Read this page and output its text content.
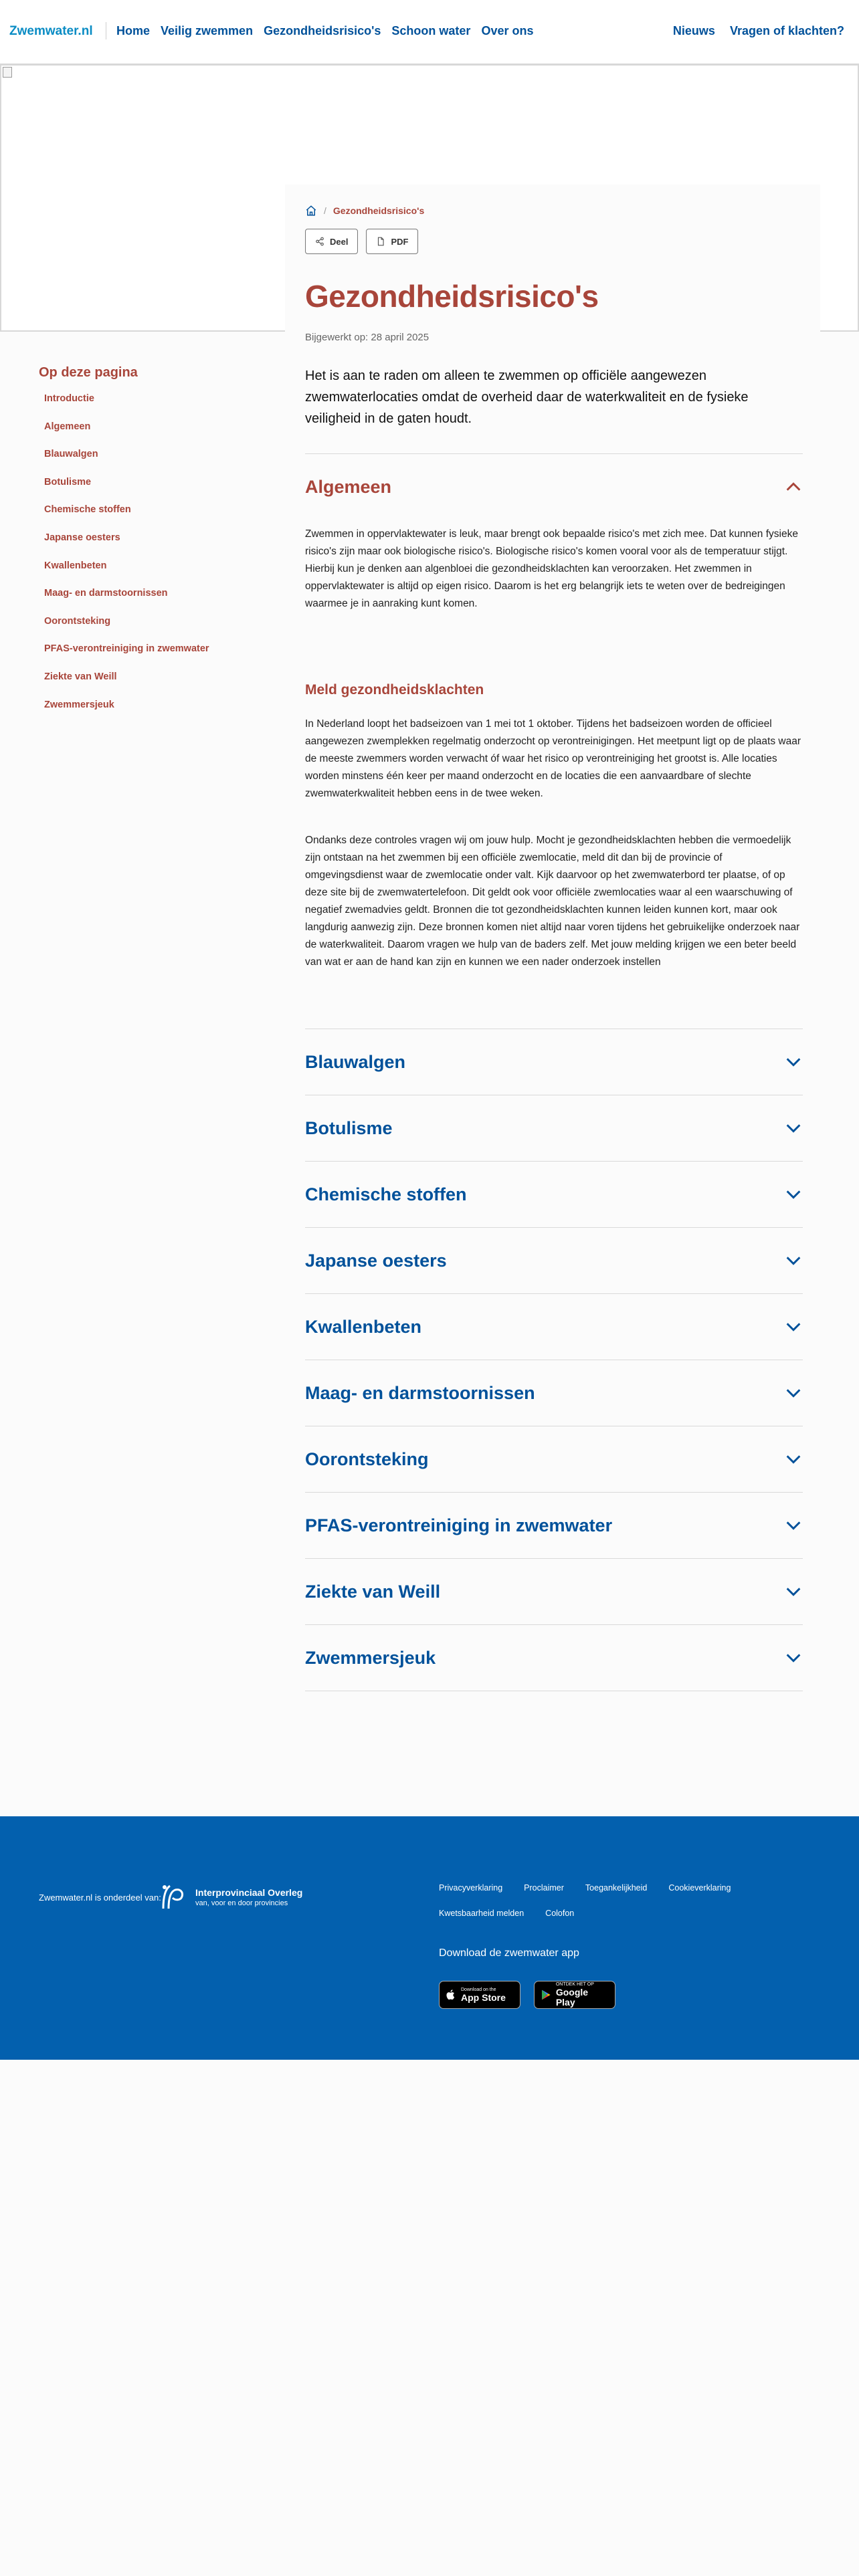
Zwemwater.nl Home Veilig zwemmen Gezondheidsrisico's Schoon water Over ons	Nieuws Vragen of klachten?
Op deze pagina
Introductie
Algemeen
Blauwalgen
Botulisme
Chemische stoffen
Japanse oesters
Kwallenbeten
Maag- en darmstoornissen
Oorontsteking
PFAS-verontreiniging in zwemwater
Ziekte van Weill
Zwemmersjeuk
/ Gezondheidsrisico's
Deel	PDF
Gezondheidsrisico's
Bijgewerkt op: 28 april 2025

Het is aan te raden om alleen te zwemmen op officiële aangewezen zwemwaterlocaties omdat de overheid daar de waterkwaliteit en de fysieke veiligheid in de gaten houdt.

Algemeen

Zwemmen in oppervlaktewater is leuk, maar brengt ook bepaalde risico's met zich mee. Dat kunnen fysieke risico's zijn maar ook biologische risico's. Biologische risico's komen vooral voor als de temperatuur stijgt. Hierbij kun je denken aan algenbloei die gezondheidsklachten kan veroorzaken. Het zwemmen in oppervlaktewater is altijd op eigen risico. Daarom is het erg belangrijk iets te weten over de bedreigingen waarmee je in aanraking kunt komen.

Meld gezondheidsklachten

In Nederland loopt het badseizoen van 1 mei tot 1 oktober. Tijdens het badseizoen worden de officieel aangewezen zwemplekken regelmatig onderzocht op verontreinigingen. Het meetpunt ligt op de plaats waar de meeste zwemmers worden verwacht óf waar het risico op verontreiniging het grootst is. Alle locaties worden minstens één keer per maand onderzocht en de locaties die een aanvaardbare of slechte zwemwaterkwaliteit hebben eens in de twee weken.

Ondanks deze controles vragen wij om jouw hulp. Mocht je gezondheidsklachten hebben die vermoedelijk zijn ontstaan na het zwemmen bij een officiële zwemlocatie, meld dit dan bij de provincie of omgevingsdienst waar de zwemlocatie onder valt. Kijk daarvoor op het zwemwaterbord ter plaatse, of op deze site bij de zwemwatertelefoon. Dit geldt ook voor officiële zwemlocaties waar al een waarschuwing of negatief zwemadvies geldt. Bronnen die tot gezondheidsklachten kunnen leiden kunnen kort, maar ook langdurig aanwezig zijn. Deze bronnen komen niet altijd naar voren tijdens het gebruikelijke onderzoek naar de waterkwaliteit. Daarom vragen we hulp van de baders zelf. Met jouw melding krijgen we een beter beeld van wat er aan de hand kan zijn en kunnen we een nader onderzoek instellen

Blauwalgen
Botulisme
Chemische stoffen
Japanse oesters
Kwallenbeten
Maag- en darmstoornissen
Oorontsteking
PFAS-verontreiniging in zwemwater
Ziekte van Weill
Zwemmersjeuk
Zwemwater.nl is onderdeel van:	Interprovinciaal Overleg
van, voor en door provincies
Privacyverklaring	Proclaimer	Toegankelijkheid	Cookieverklaring
Kwetsbaarheid melden	Colofon
Download de zwemwater app
Download on the
App Store
ONTDEK HET OP
Google Play
